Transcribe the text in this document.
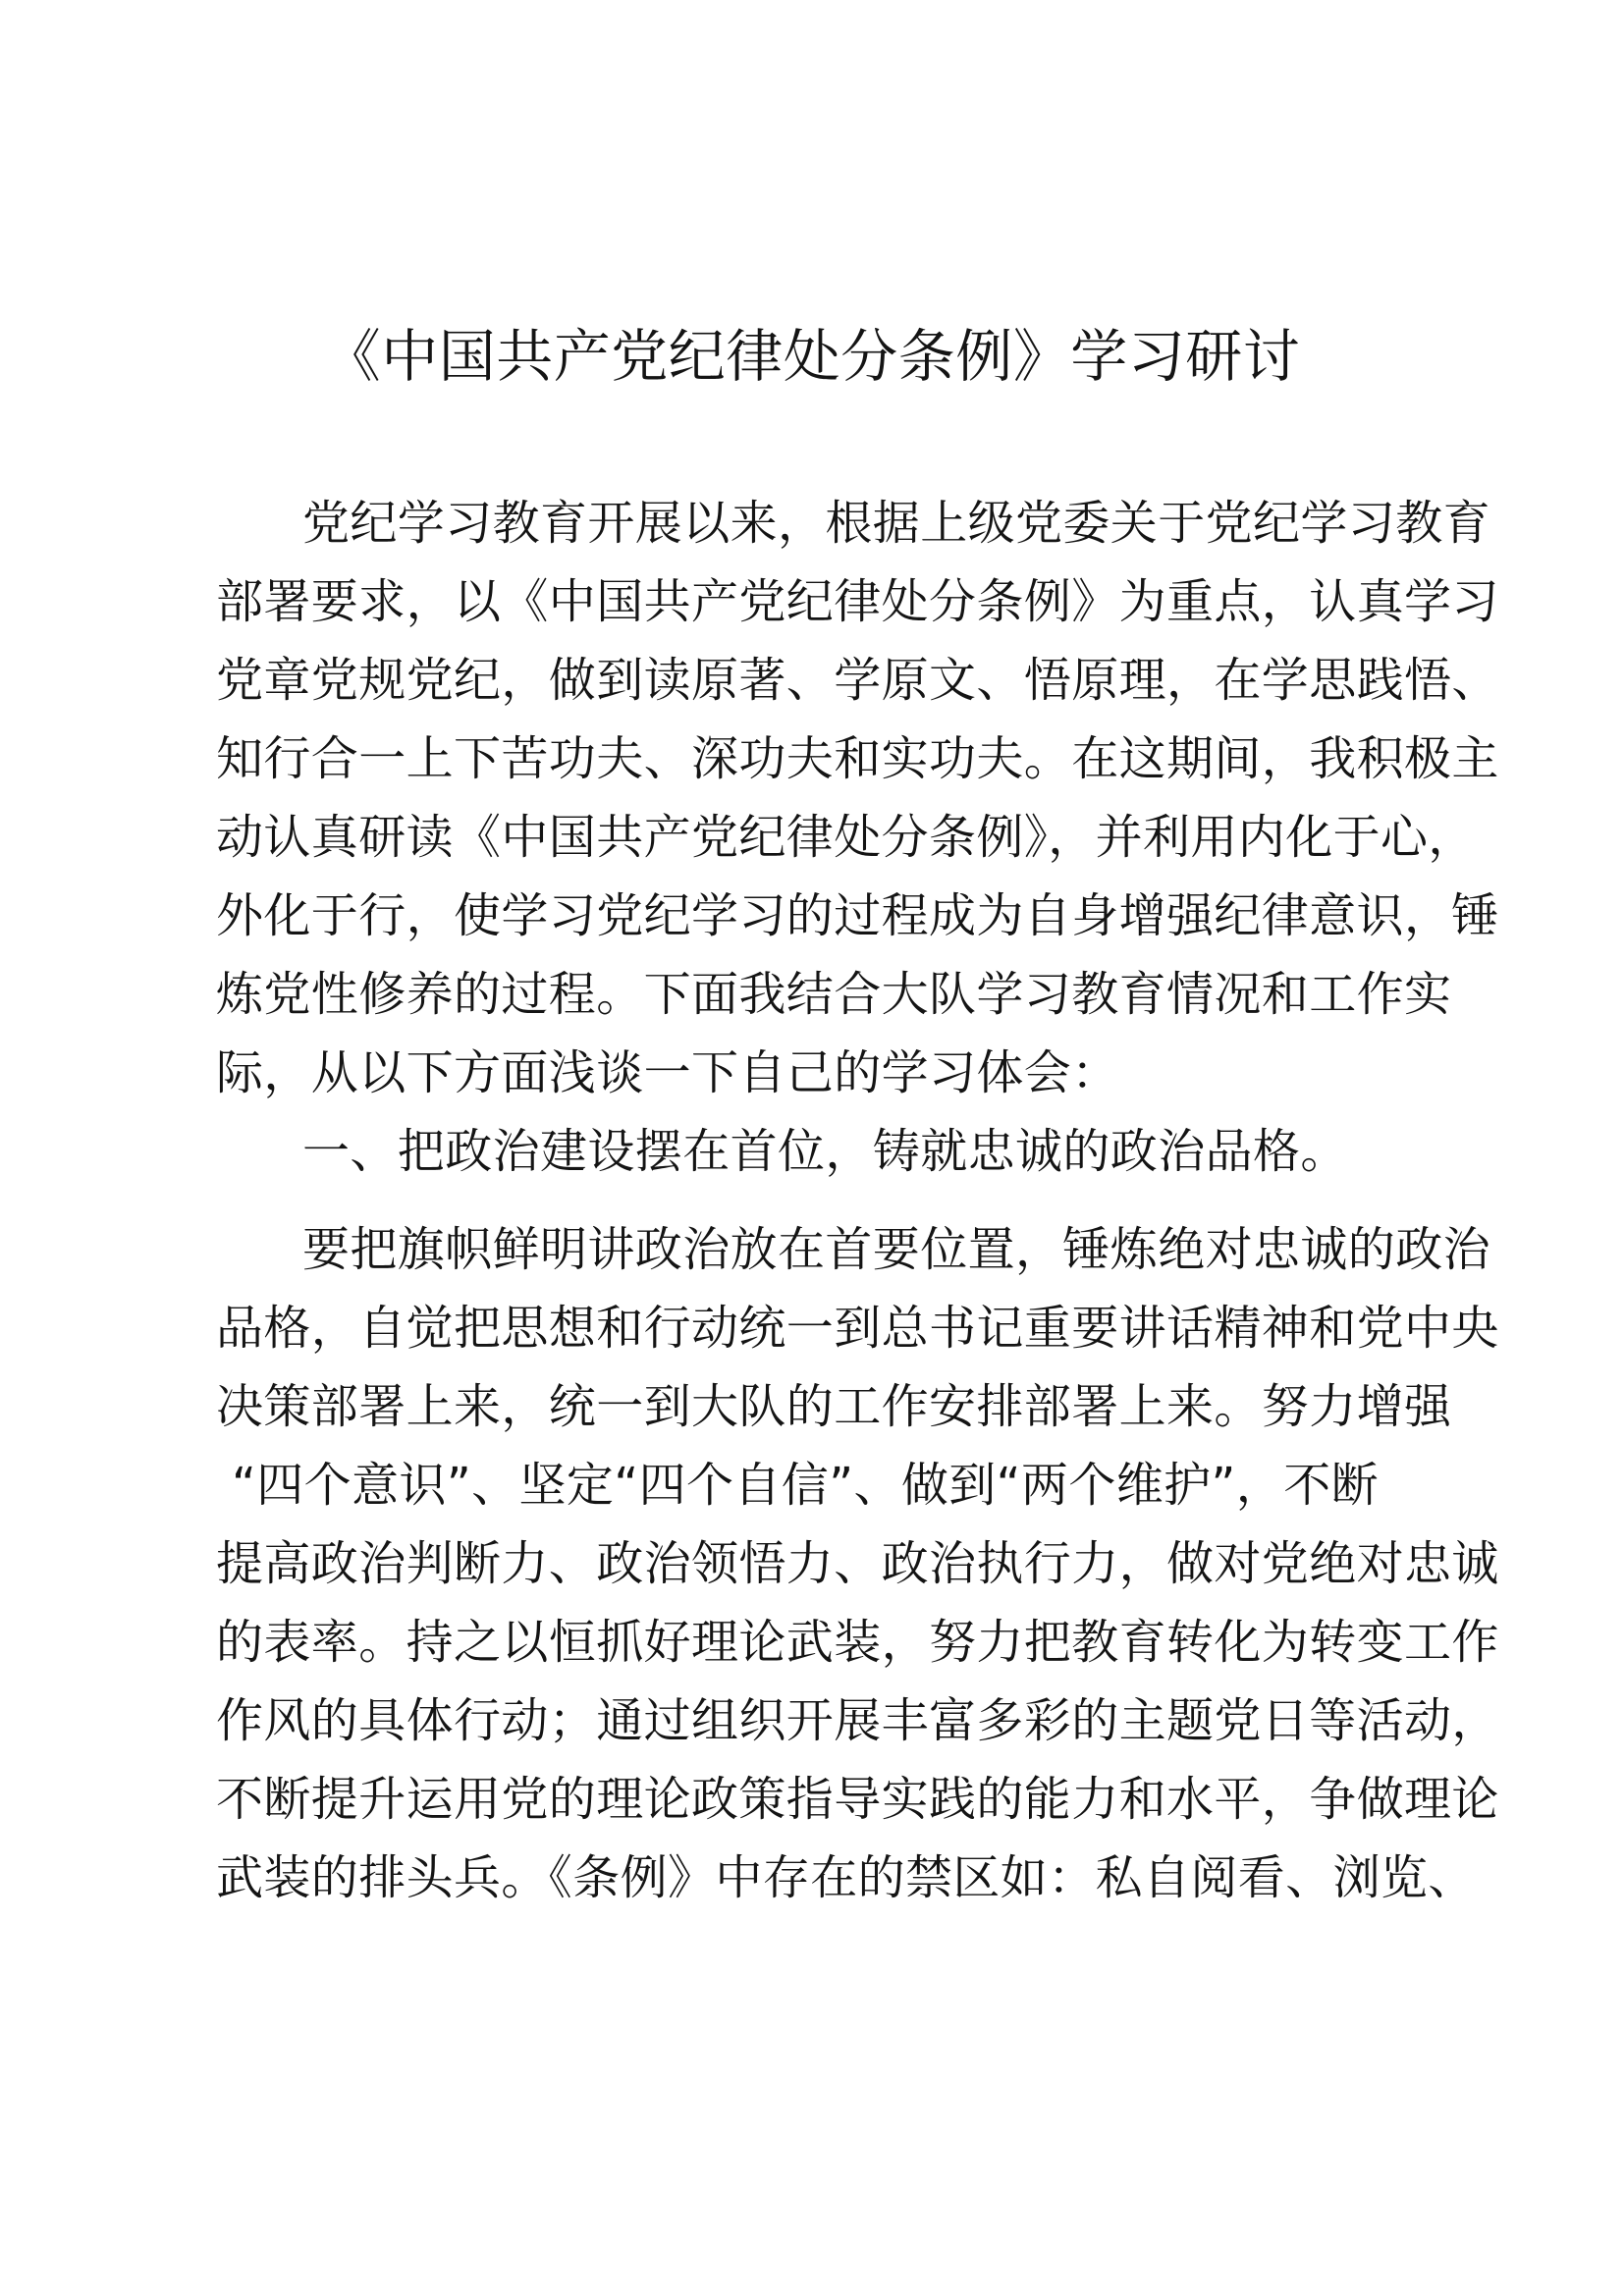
《中国共产党纪律处分条例》学习研讨

党纪学习教育开展以来，根据上级党委关于党纪学习教育

部署要求，以《中国共产党纪律处分条例》为重点，认真学习

党章党规党纪，做到读原著、学原文、悟原理，在学思践悟、

知行合一上下苦功夫、深功夫和实功夫。在这期间，我积极主

动认真研读《中国共产党纪律处分条例》，并利用内化于心，

外化于行，使学习党纪学习的过程成为自身增强纪律意识，锤

炼党性修养的过程。下面我结合大队学习教育情况和工作实

际，从以下方面浅谈一下自己的学习体会：

一、把政治建设摆在首位，铸就忠诚的政治品格。

要把旗帜鲜明讲政治放在首要位置，锤炼绝对忠诚的政治

品格，自觉把思想和行动统一到总书记重要讲话精神和党中央

决策部署上来，统一到大队的工作安排部署上来。努力增强

“四个意识”、坚定“四个自信”、做到“两个维护”，不断

提高政治判断力、政治领悟力、政治执行力，做对党绝对忠诚

的表率。持之以恒抓好理论武装，努力把教育转化为转变工作

作风的具体行动；通过组织开展丰富多彩的主题党日等活动，

不断提升运用党的理论政策指导实践的能力和水平，争做理论

武装的排头兵。《条例》中存在的禁区如：私自阅看、浏览、
